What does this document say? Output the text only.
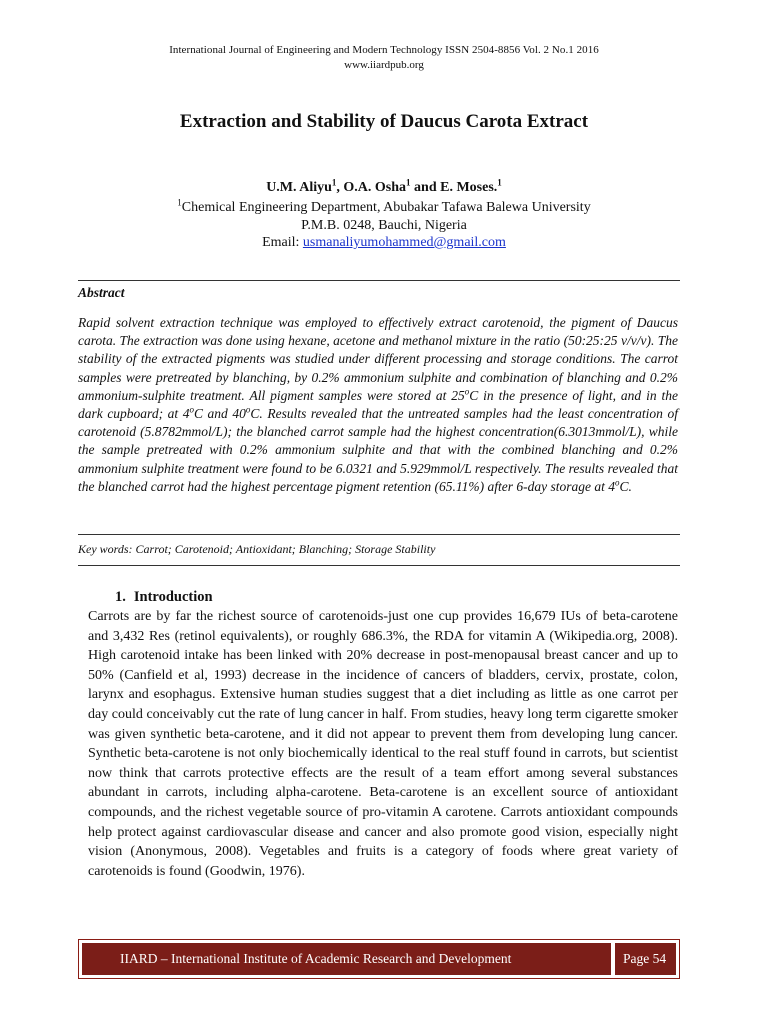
International Journal of Engineering and Modern Technology ISSN 2504-8856 Vol. 2 No.1 2016
www.iiardpub.org
Extraction and Stability of Daucus Carota Extract
U.M. Aliyu$^1$, O.A. Osha$^1$ and E. Moses.$^1$
$^1$Chemical Engineering Department, Abubakar Tafawa Balewa University
P.M.B. 0248, Bauchi, Nigeria
Email: usmanaliyumohammed@gmail.com
Abstract
Rapid solvent extraction technique was employed to effectively extract carotenoid, the pigment of Daucus carota. The extraction was done using hexane, acetone and methanol mixture in the ratio (50:25:25 v/v/v). The stability of the extracted pigments was studied under different processing and storage conditions. The carrot samples were pretreated by blanching, by 0.2% ammonium sulphite and combination of blanching and 0.2% ammonium-sulphite treatment. All pigment samples were stored at 25$^o$C in the presence of light, and in the dark cupboard; at 4$^o$C and 40$^o$C. Results revealed that the untreated samples had the least concentration of carotenoid (5.8782mmol/L); the blanched carrot sample had the highest concentration(6.3013mmol/L), while the sample pretreated with 0.2% ammonium sulphite and that with the combined blanching and 0.2% ammonium sulphite treatment were found to be 6.0321 and 5.929mmol/L respectively. The results revealed that the blanched carrot had the highest percentage pigment retention (65.11%) after 6-day storage at 4$^o$C.
Key words: Carrot; Carotenoid; Antioxidant; Blanching; Storage Stability
1. Introduction
Carrots are by far the richest source of carotenoids-just one cup provides 16,679 IUs of beta-carotene and 3,432 Res (retinol equivalents), or roughly 686.3%, the RDA for vitamin A (Wikipedia.org, 2008). High carotenoid intake has been linked with 20% decrease in post-menopausal breast cancer and up to 50% (Canfield et al, 1993) decrease in the incidence of cancers of bladders, cervix, prostate, colon, larynx and esophagus. Extensive human studies suggest that a diet including as little as one carrot per day could conceivably cut the rate of lung cancer in half. From studies, heavy long term cigarette smoker was given synthetic beta-carotene, and it did not appear to prevent them from developing lung cancer. Synthetic beta-carotene is not only biochemically identical to the real stuff found in carrots, but scientist now think that carrots protective effects are the result of a team effort among several substances abundant in carrots, including alpha-carotene. Beta-carotene is an excellent source of antioxidant compounds, and the richest vegetable source of pro-vitamin A carotene. Carrots antioxidant compounds help protect against cardiovascular disease and cancer and also promote good vision, especially night vision (Anonymous, 2008). Vegetables and fruits is a category of foods where great variety of carotenoids is found (Goodwin, 1976).
IIARD – International Institute of Academic Research and Development	Page 54
